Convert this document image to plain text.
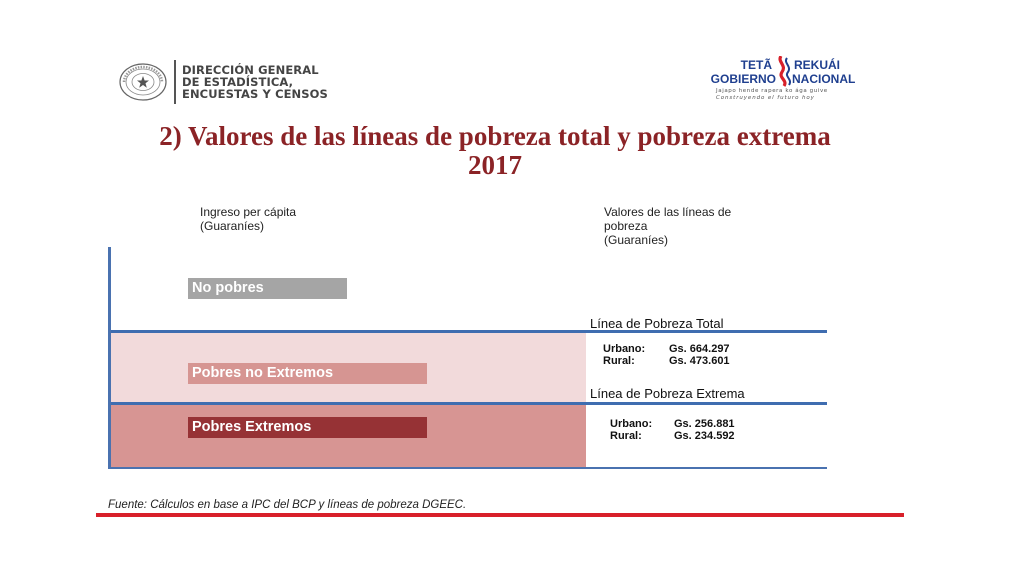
DIRECCIÓN GENERAL
DE ESTADÍSTICA,
ENCUESTAS Y CENSOS
TETÃ REKUÁI
GOBIERNO NACIONAL
Jajapo hende rapera ko ága guive
Construyendo el futuro hoy
2) Valores de las líneas de pobreza total y pobreza extrema
2017
Ingreso per cápita
(Guaraníes)
Valores de las líneas de
pobreza
(Guaraníes)
No pobres
Pobres no Extremos
Pobres Extremos
Línea de Pobreza Total
Línea de Pobreza Extrema
Urbano: Gs. 664.297
Rural:	Gs. 473.601
Urbano: Gs. 256.881
Rural:	Gs. 234.592
Fuente: Cálculos en base a IPC del BCP y líneas de pobreza DGEEC.
